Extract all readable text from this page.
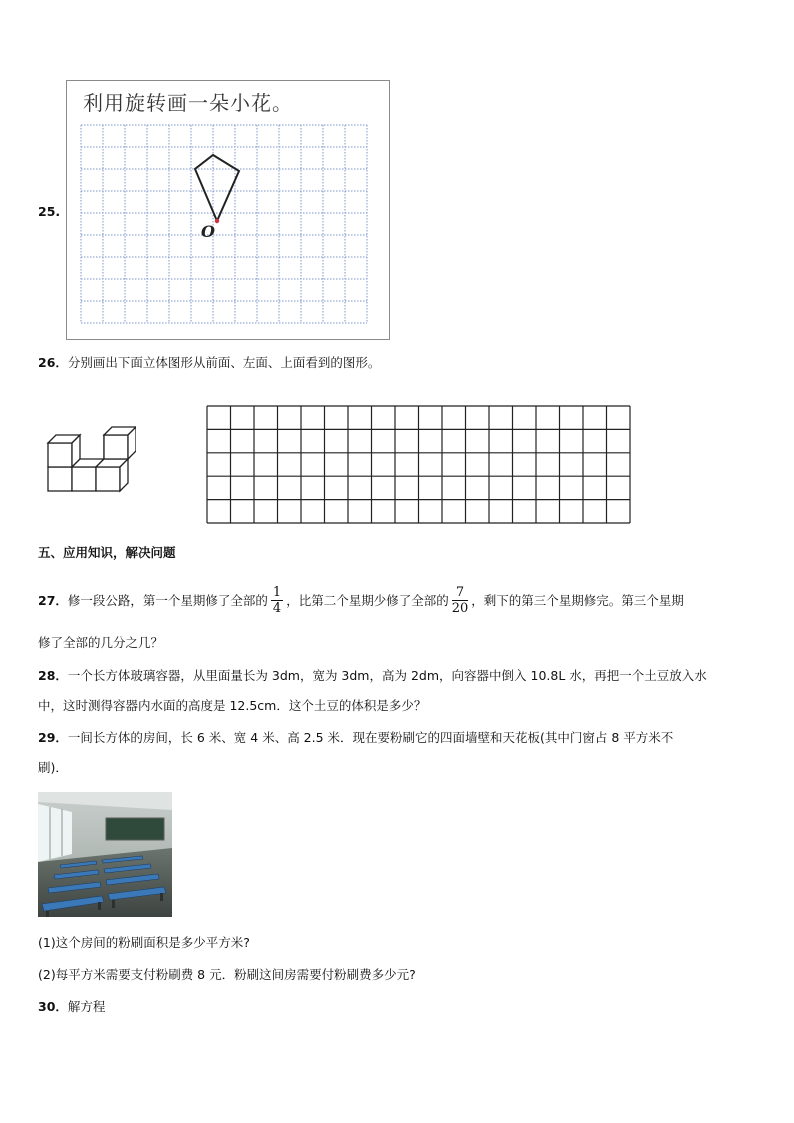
25.
利用旋转画一朵小花。
O
26．分别画出下面立体图形从前面、左面、上面看到的图形。
五、应用知识，解决问题
27．修一段公路，第一个星期修了全部的 $\frac{1}{4}$ ，比第二个星期少修了全部的 $\frac{7}{20}$ ，剩下的第三个星期修完。第三个星期
修了全部的几分之几？
28．一个长方体玻璃容器，从里面量长为 3dm，宽为 3dm，高为 2dm，向容器中倒入 10.8L 水，再把一个土豆放入水
中，这时测得容器内水面的高度是 12.5cm．这个土豆的体积是多少？
29．一间长方体的房间，长 6 米、宽 4 米、高 2.5 米．现在要粉刷它的四面墙壁和天花板(其中门窗占 8 平方米不
刷)．
(1)这个房间的粉刷面积是多少平方米?
(2)每平方米需要支付粉刷费 8 元．粉刷这间房需要付粉刷费多少元?
30．解方程
